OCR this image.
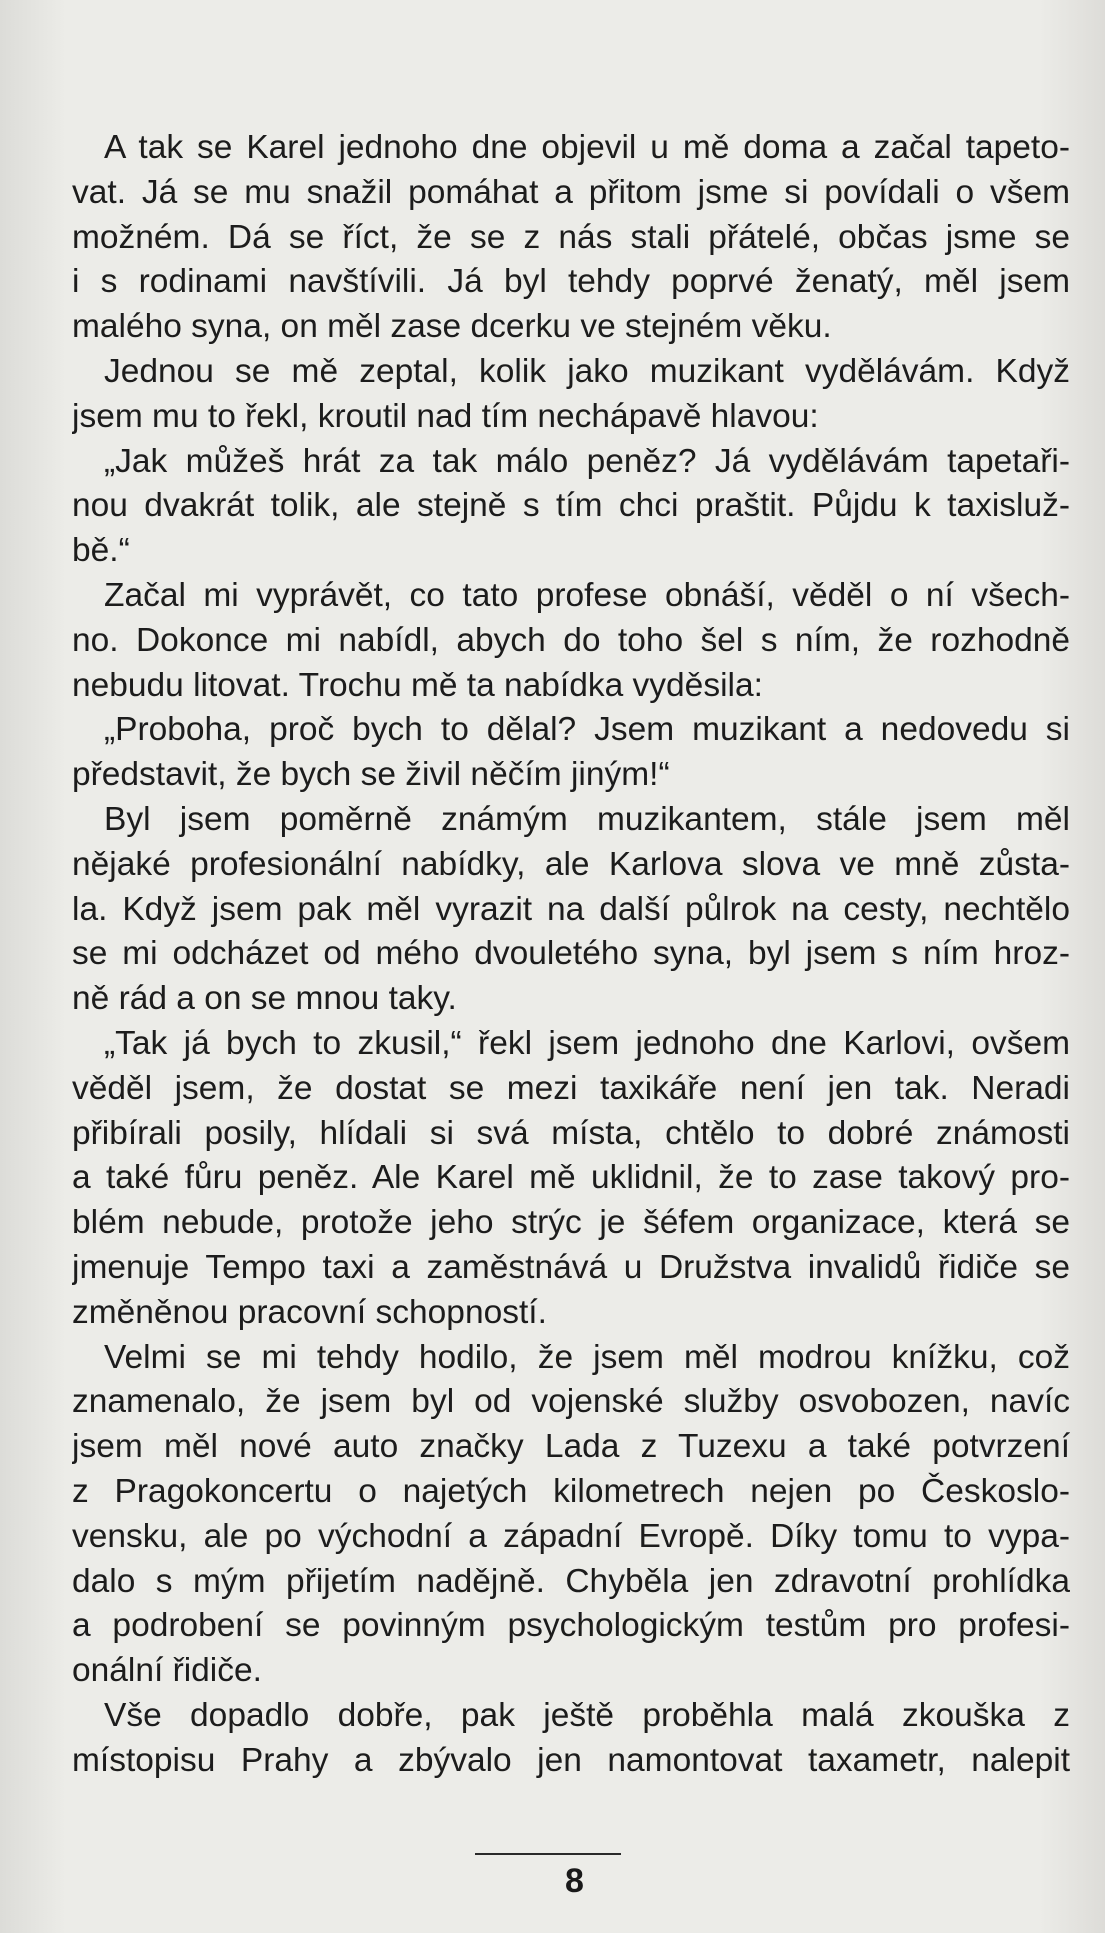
A tak se Karel jednoho dne objevil u mě doma a začal tapeto-
vat. Já se mu snažil pomáhat a přitom jsme si povídali o všem
možném. Dá se říct, že se z nás stali přátelé, občas jsme se
i s rodinami navštívili. Já byl tehdy poprvé ženatý, měl jsem
malého syna, on měl zase dcerku ve stejném věku.

Jednou se mě zeptal, kolik jako muzikant vydělávám. Když
jsem mu to řekl, kroutil nad tím nechápavě hlavou:

„Jak můžeš hrát za tak málo peněz? Já vydělávám tapetaři-
nou dvakrát tolik, ale stejně s tím chci praštit. Půjdu k taxisluž-
bě.“

Začal mi vyprávět, co tato profese obnáší, věděl o ní všech-
no. Dokonce mi nabídl, abych do toho šel s ním, že rozhodně
nebudu litovat. Trochu mě ta nabídka vyděsila:

„Proboha, proč bych to dělal? Jsem muzikant a nedovedu si
představit, že bych se živil něčím jiným!“

Byl jsem poměrně známým muzikantem, stále jsem měl
nějaké profesionální nabídky, ale Karlova slova ve mně zůsta-
la. Když jsem pak měl vyrazit na další půlrok na cesty, nechtělo
se mi odcházet od mého dvouletého syna, byl jsem s ním hroz-
ně rád a on se mnou taky.

„Tak já bych to zkusil,“ řekl jsem jednoho dne Karlovi, ovšem
věděl jsem, že dostat se mezi taxikáře není jen tak. Neradi
přibírali posily, hlídali si svá místa, chtělo to dobré známosti
a také fůru peněz. Ale Karel mě uklidnil, že to zase takový pro-
blém nebude, protože jeho strýc je šéfem organizace, která se
jmenuje Tempo taxi a zaměstnává u Družstva invalidů řidiče se
změněnou pracovní schopností.

Velmi se mi tehdy hodilo, že jsem měl modrou knížku, což
znamenalo, že jsem byl od vojenské služby osvobozen, navíc
jsem měl nové auto značky Lada z Tuzexu a také potvrzení
z Pragokoncertu o najetých kilometrech nejen po Českoslo-
vensku, ale po východní a západní Evropě. Díky tomu to vypa-
dalo s mým přijetím nadějně. Chyběla jen zdravotní prohlídka
a podrobení se povinným psychologickým testům pro profesi-
onální řidiče.

Vše dopadlo dobře, pak ještě proběhla malá zkouška z
místopisu Prahy a zbývalo jen namontovat taxametr, nalepit

8
